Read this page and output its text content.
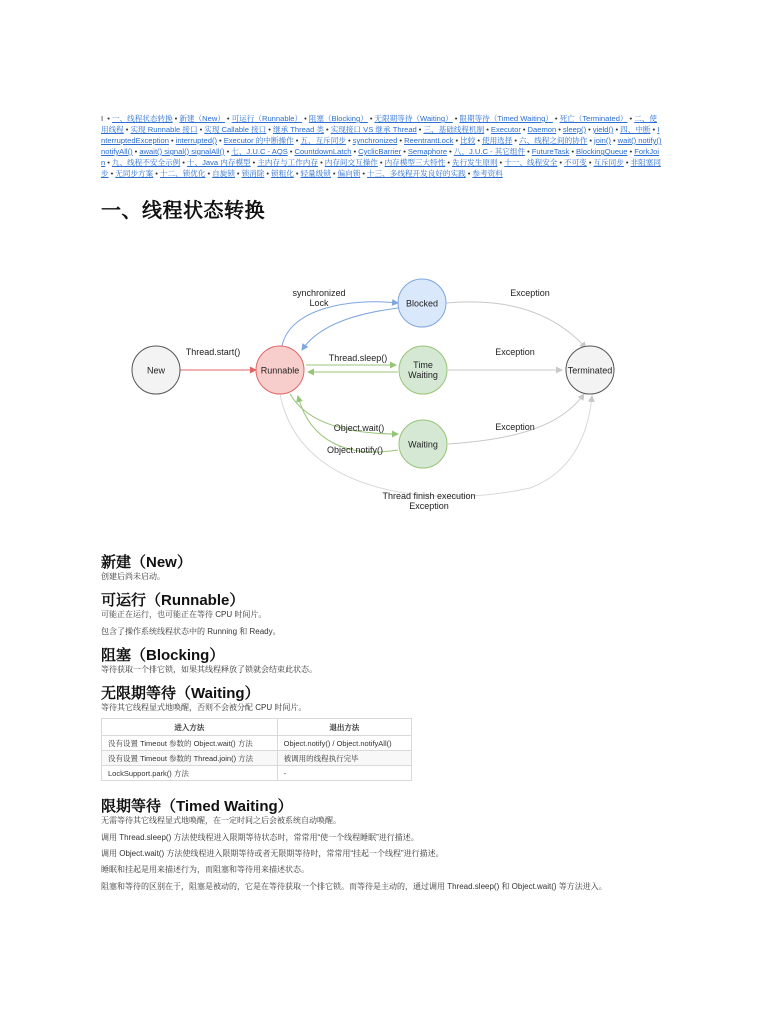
I • 一、线程状态转换 • 新建（New） • 可运行（Runnable） • 阻塞（Blocking） • 无限期等待（Waiting） • 限期等待（Timed Waiting） • 死亡（Terminated） • 二、使用线程 • 实现 Runnable 接口 • 实现 Callable 接口 • 继承 Thread 类 • 实现接口 VS 继承 Thread • 三、基础线程机制 • Executor • Daemon • sleep() • yield() • 四、中断 • InterruptedException • interrupted() • Executor 的中断操作 • 五、互斥同步 • synchronized • ReentrantLock • 比较 • 使用选择 • 六、线程之间的协作 • join() • wait() notify() notifyAll() • await() signal() signalAll() • 七、J.U.C - AQS • CountdownLatch • CyclicBarrier • Semaphore • 八、J.U.C - 其它组件 • FutureTask • BlockingQueue • ForkJoin • 九、线程不安全示例 • 十、Java 内存模型 • 主内存与工作内存 • 内存间交互操作 • 内存模型三大特性 • 先行发生原则 • 十一、线程安全 • 不可变 • 互斥同步 • 非阻塞同步 • 无同步方案 • 十二、锁优化 • 自旋锁 • 锁消除 • 锁粗化 • 轻量级锁 • 偏向锁 • 十三、多线程开发良好的实践 • 参考资料
一、线程状态转换
New	Runnable
Blocked
Time
Waiting
Waiting
Terminated
Thread.start()
synchronized
Lock
Thread.sleep()
Object.wait()
Object.notify()
Exception
Exception
Exception
Thread finish execution
Exception
新建（New）

创建后尚未启动。

可运行（Runnable）

可能正在运行，也可能正在等待 CPU 时间片。

包含了操作系统线程状态中的 Running 和 Ready。

阻塞（Blocking）

等待获取一个排它锁，如果其线程释放了锁就会结束此状态。

无限期等待（Waiting）

等待其它线程显式地唤醒，否则不会被分配 CPU 时间片。

进入方法	退出方法
没有设置 Timeout 参数的 Object.wait() 方法	Object.notify() / Object.notifyAll()
没有设置 Timeout 参数的 Thread.join() 方法	被调用的线程执行完毕
LockSupport.park() 方法	-
限期等待（Timed Waiting）

无需等待其它线程显式地唤醒，在一定时间之后会被系统自动唤醒。

调用 Thread.sleep() 方法使线程进入限期等待状态时，常常用“使一个线程睡眠”进行描述。

调用 Object.wait() 方法使线程进入限期等待或者无限期等待时，常常用“挂起一个线程”进行描述。

睡眠和挂起是用来描述行为，而阻塞和等待用来描述状态。

阻塞和等待的区别在于，阻塞是被动的，它是在等待获取一个排它锁。而等待是主动的，通过调用 Thread.sleep() 和 Object.wait() 等方法进入。
